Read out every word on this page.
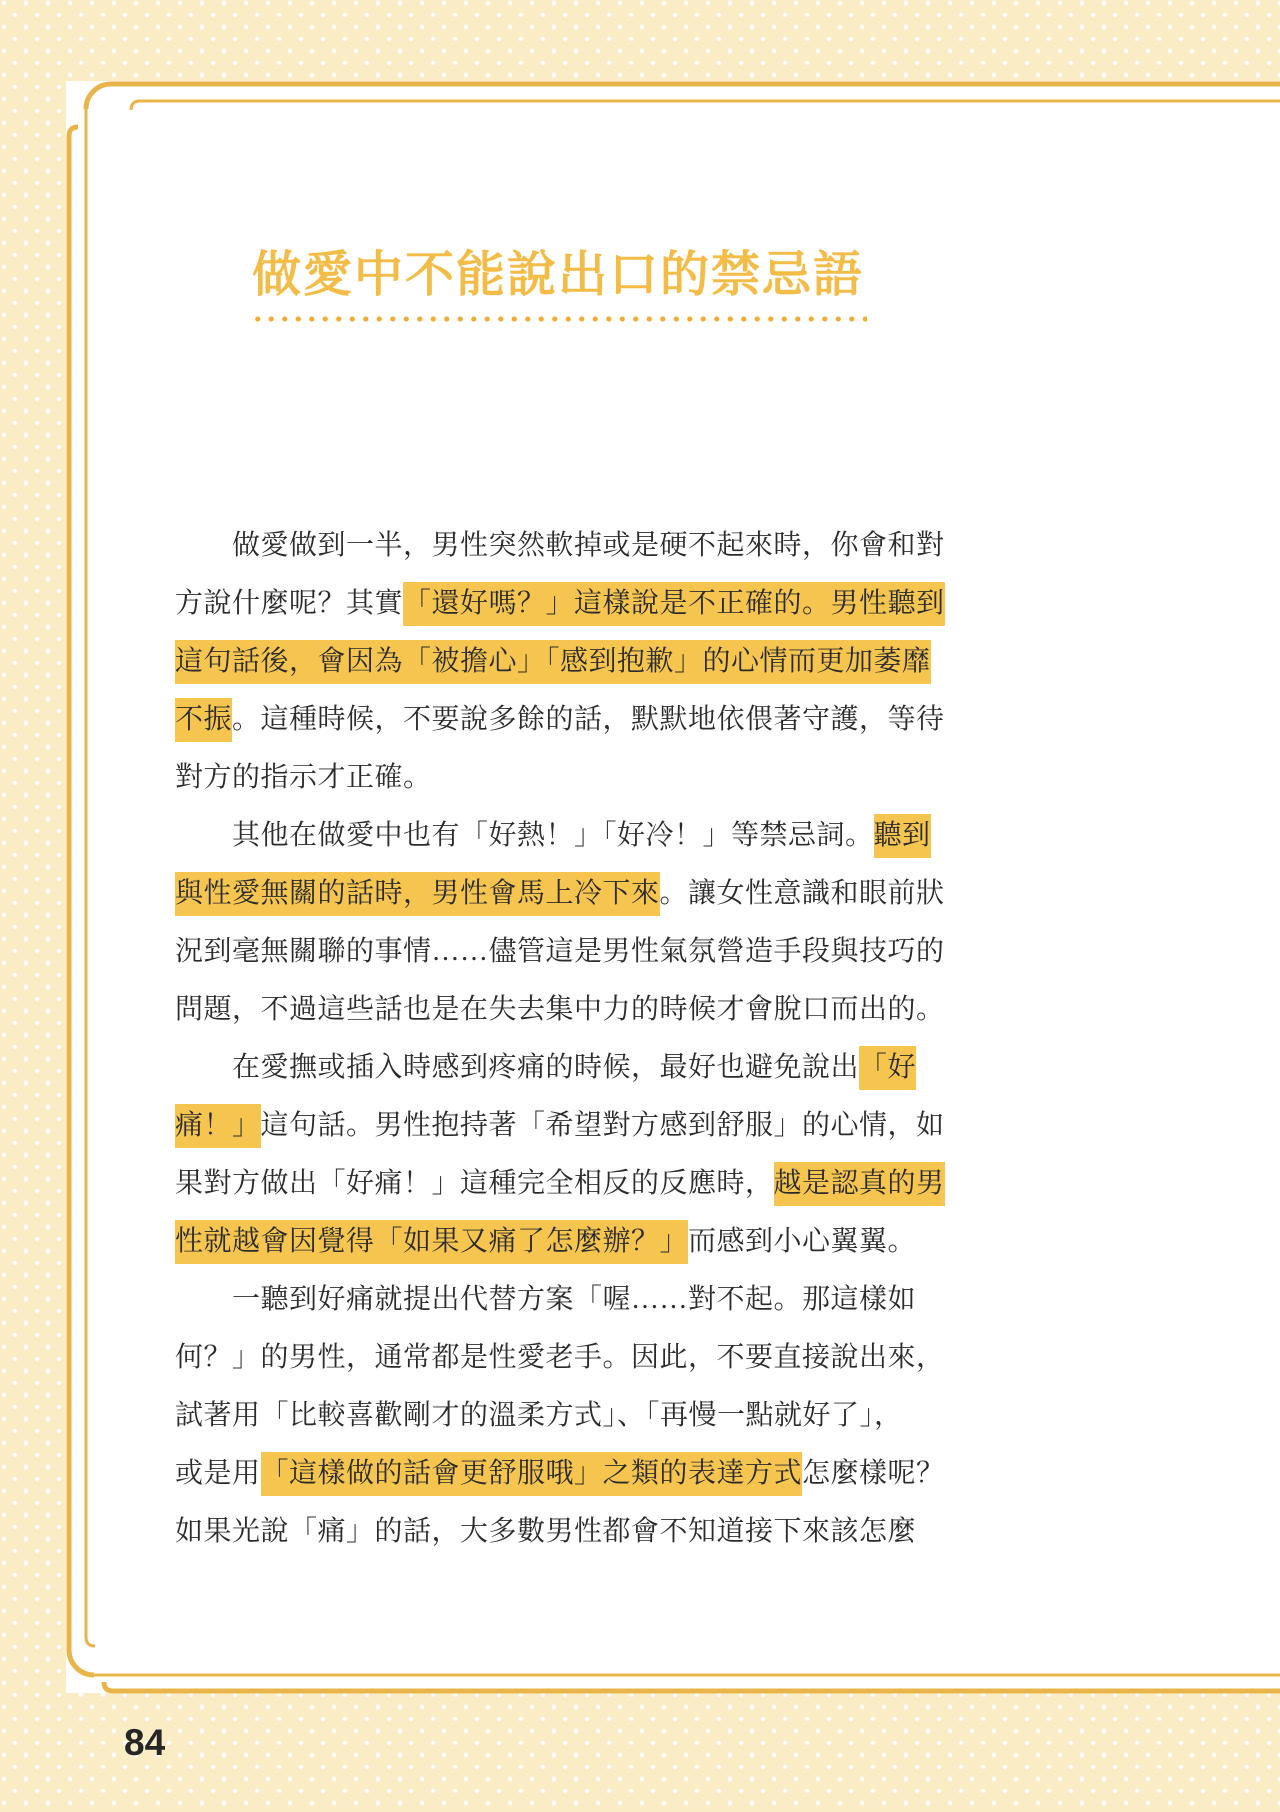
做愛中不能說出口的禁忌語
做愛做到一半，男性突然軟掉或是硬不起來時，你會和對
方說什麼呢？其實「還好嗎？」這樣說是不正確的。男性聽到
這句話後，會因為「被擔心」「感到抱歉」的心情而更加萎靡
不振。這種時候，不要說多餘的話，默默地依偎著守護，等待
對方的指示才正確。
其他在做愛中也有「好熱！」「好冷！」等禁忌詞。聽到
與性愛無關的話時，男性會馬上冷下來。讓女性意識和眼前狀
況到毫無關聯的事情……儘管這是男性氣氛營造手段與技巧的
問題，不過這些話也是在失去集中力的時候才會脫口而出的。
在愛撫或插入時感到疼痛的時候，最好也避免說出「好
痛！」這句話。男性抱持著「希望對方感到舒服」的心情，如
果對方做出「好痛！」這種完全相反的反應時，越是認真的男
性就越會因覺得「如果又痛了怎麼辦？」而感到小心翼翼。
一聽到好痛就提出代替方案「喔……對不起。那這樣如
何？」的男性，通常都是性愛老手。因此，不要直接說出來，
試著用「比較喜歡剛才的溫柔方式」、「再慢一點就好了」，
或是用「這樣做的話會更舒服哦」之類的表達方式怎麼樣呢？
如果光說「痛」的話，大多數男性都會不知道接下來該怎麼
84
